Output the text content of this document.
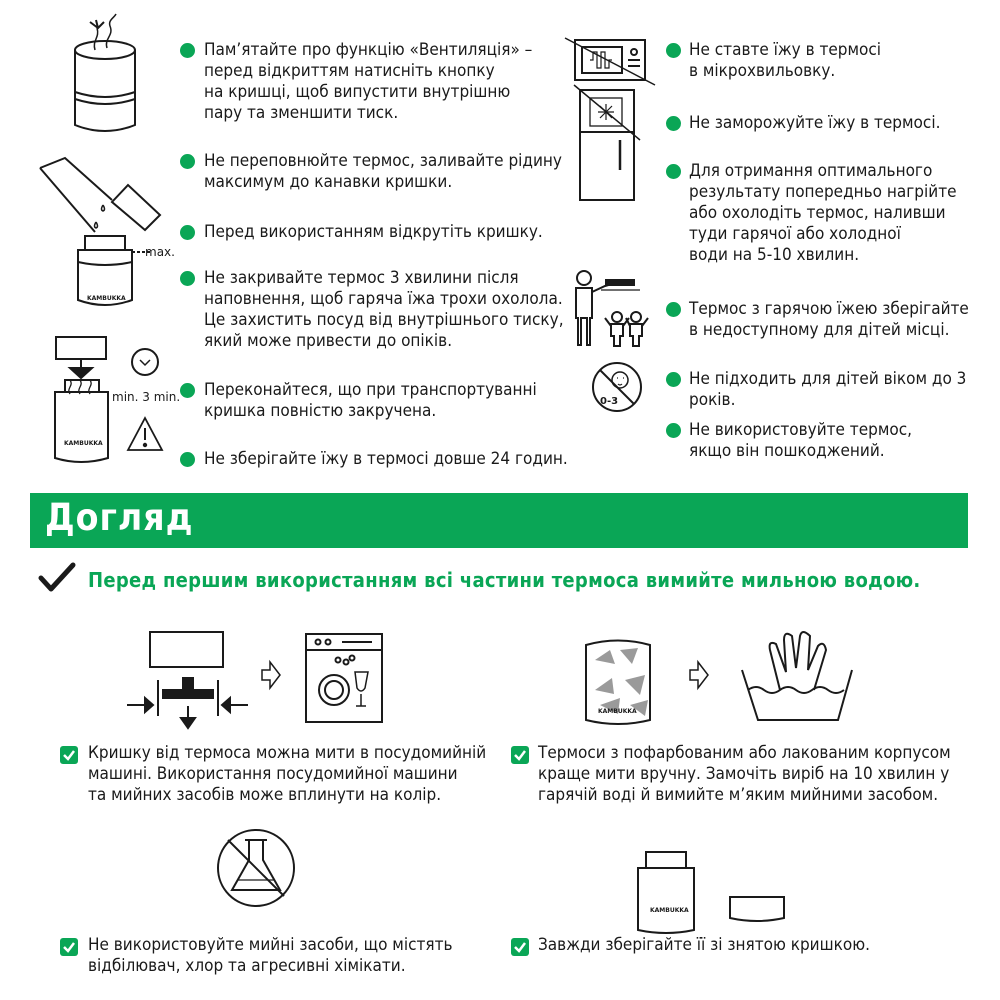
max.
min. 3 min.
KAMBUKKA
KAMBUKKA
KAMBUKKA
KAMBUKKA
0-3
Пам’ятайте про функцію «Вентиляція» –
перед відкриттям натисніть кнопку
на кришці, щоб випустити внутрішню
пару та зменшити тиск.
Не переповнюйте термос, заливайте рідину
максимум до канавки кришки.
Перед використанням відкрутіть кришку.
Не закривайте термос 3 хвилини після
наповнення, щоб гаряча їжа трохи охолола.
Це захистить посуд від внутрішнього тиску,
який може привести до опіків.
Переконайтеся, що при транспортуванні
кришка повністю закручена.
Не зберігайте їжу в термосі довше 24 годин.
Не ставте їжу в термосі
в мікрохвильовку.
Не заморожуйте їжу в термосі.
Для отримання оптимального
результату попередньо нагрійте
або охолодіть термос, наливши
туди гарячої або холодної
води на 5-10 хвилин.
Термос з гарячою їжею зберігайте
в недоступному для дітей місці.
Не підходить для дітей віком до 3 років.
Не використовуйте термос,
якщо він пошкоджений.
Догляд
Перед першим використанням всі частини термоса вимийте мильною водою.
Кришку від термоса можна мити в посудомийній
машині. Використання посудомийної машини
та мийних засобів може вплинути на колір.
Термоси з пофарбованим або лакованим корпусом
краще мити вручну. Замочіть виріб на 10 хвилин у
гарячій воді й вимийте м’яким мийними засобом.
Не використовуйте мийні засоби, що містять
відбілювач, хлор та агресивні хімікати.
Завжди зберігайте її зі знятою кришкою.
